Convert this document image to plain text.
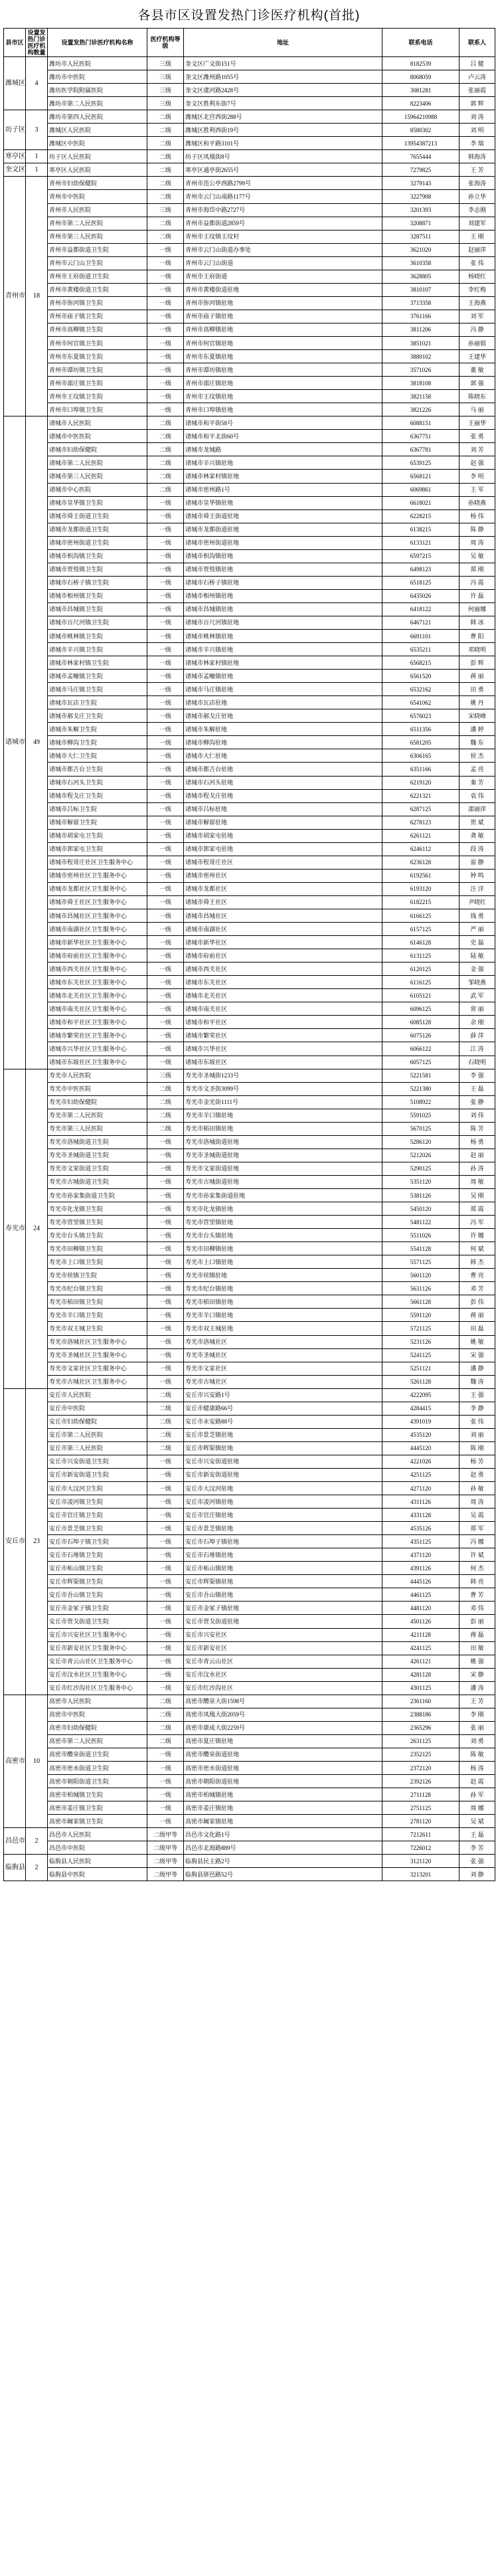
各县市区设置发热门诊医疗机构(首批)
县市区	设置发热门诊医疗机构数量	设置发热门诊医疗机构名称	医疗机构等级	地址	联系电话	联系人
潍城区	4	潍坊市人民医院	三级	奎文区广文街151号	8182539	吕 健
		潍坊市中医院	三级	奎文区潍州路1055号	8068059	卢云涛
		潍坊医学院附属医院	三级	奎文区虞河路2428号	3081281	张丽霞
		潍坊市第二人民医院	三级	奎文区胜利东街7号	8223406	郭 辉
坊子区	3	潍坊市第四人民医院	二级	潍城区北宫西街288号	15964210988	刘 涛
		潍城区人民医院	二级	潍城区胜利西街19号	8580302	刘 明
		潍城区中医院	二级	潍城区和平路3101号	13954387213	李 瑞
寒亭区	1	坊子区人民医院	二级	坊子区凤凰街8号	7655444	韩海涛
奎文区	1	寒亭区人民医院	二级	寒亭区通亭街2655号	7279825	王 芳
青州市	18	青州市妇幼保健院	二级	青州市范公亭西路2799号	3279143	张海涛
		青州市中医院	二级	青州市云门山南路1177号	3227908	孙立华
		青州市人民医院	三级	青州市海岱中路2727号	3201393	李志刚
		青州市第二人民医院	二级	青州市益都街道2859号	3208871	刘建军
		青州市第三人民医院	二级	青州市王坟镇王坟村	3287511	王 刚
		青州市益都街道卫生院	一级	青州市云门山街道办事处	3621020	赵丽萍
		青州市云门山卫生院	一级	青州市云门山街道	3610358	张 伟
		青州市王府街道卫生院	一级	青州市王府街道	3628805	杨晓红
		青州市黄楼街道卫生院	一级	青州市黄楼街道驻地	3810107	李红梅
		青州市弥河镇卫生院	一级	青州市弥河镇驻地	3713358	王海燕
		青州市庙子镇卫生院	一级	青州市庙子镇驻地	3761166	刘 军
		青州市高柳镇卫生院	一级	青州市高柳镇驻地	3811206	冯 静
		青州市何官镇卫生院	一级	青州市何官镇驻地	3851021	孙丽娟
		青州市东夏镇卫生院	一级	青州市东夏镇驻地	3880102	王建华
		青州市谭坊镇卫生院	一级	青州市谭坊镇驻地	3571026	董 敏
		青州市邵庄镇卫生院	一级	青州市邵庄镇驻地	3818108	郭 强
		青州市王坟镇卫生院	一级	青州市王坟镇驻地	3821158	陈晓东
		青州市口埠镇卫生院	一级	青州市口埠镇驻地	3821226	马 丽
诸城市	49	诸城市人民医院	二级	诸城市和平街58号	6088151	王丽华
		诸城市中医医院	二级	诸城市和平北街60号	6367751	张 勇
		诸城市妇幼保健院	二级	诸城市龙城路	6367781	刘 芳
		诸城市第二人民医院	二级	诸城市辛兴镇驻地	6539125	赵 强
		诸城市第三人民医院	二级	诸城市林家村镇驻地	6568121	李 明
		诸城市中心医院	二级	诸城市密州路1号	6069861	王 军
		诸城市皇华镇卫生院	一级	诸城市皇华镇驻地	6618021	孙晓燕
		诸城市舜王街道卫生院	一级	诸城市舜王街道驻地	6228215	杨 伟
		诸城市龙都街道卫生院	一级	诸城市龙都街道驻地	6138215	陈 静
		诸城市密州街道卫生院	一级	诸城市密州街道驻地	6133121	周 涛
		诸城市枳沟镇卫生院	一级	诸城市枳沟镇驻地	6597215	吴 敏
		诸城市贾悦镇卫生院	一级	诸城市贾悦镇驻地	6498123	郑 刚
		诸城市石桥子镇卫生院	一级	诸城市石桥子镇驻地	6518125	冯 霞
		诸城市相州镇卫生院	一级	诸城市相州镇驻地	6435026	许 磊
		诸城市昌城镇卫生院	一级	诸城市昌城镇驻地	6418122	何丽娜
		诸城市百尺河镇卫生院	一级	诸城市百尺河镇驻地	6467121	韩 冰
		诸城市桃林镇卫生院	一级	诸城市桃林镇驻地	6691101	曹 阳
		诸城市辛兴镇卫生院	一级	诸城市辛兴镇驻地	6535211	邓晓明
		诸城市林家村镇卫生院	一级	诸城市林家村镇驻地	6568215	彭 辉
		诸城市孟疃镇卫生院	一级	诸城市孟疃镇驻地	6561520	蒋 丽
		诸城市马庄镇卫生院	一级	诸城市马庄镇驻地	6532162	田 勇
		诸城市瓦店卫生院	一级	诸城市瓦店驻地	6541062	姚 丹
		诸城市郝戈庄卫生院	一级	诸城市郝戈庄驻地	6576023	宋晓峰
		诸城市朱解卫生院	一级	诸城市朱解驻地	6511356	潘 婷
		诸城市柳沟卫生院	一级	诸城市柳沟驻地	6581205	魏 东
		诸城市大仁卫生院	一级	诸城市大仁驻地	6306165	侯 杰
		诸城市都吉台卫生院	一级	诸城市都吉台驻地	6351166	孟 亮
		诸城市石河头卫生院	一级	诸城市石河头驻地	6219120	秦 芳
		诸城市程戈庄卫生院	一级	诸城市程戈庄驻地	6221321	袁 伟
		诸城市吕标卫生院	一级	诸城市吕标驻地	6287125	邵丽萍
		诸城市解留卫生院	一级	诸城市解留驻地	6278123	贺 斌
		诸城市胡家屯卫生院	一级	诸城市胡家屯驻地	6261121	龚 敏
		诸城市郭家屯卫生院	一级	诸城市郭家屯驻地	6246112	段 涛
		诸城市程哥庄社区卫生服务中心	一级	诸城市程哥庄社区	6236128	雷 静
		诸城市密州社区卫生服务中心	一级	诸城市密州社区	6192561	钟 鸣
		诸城市龙都社区卫生服务中心	一级	诸城市龙都社区	6193120	汪 洋
		诸城市舜王社区卫生服务中心	一级	诸城市舜王社区	6182215	尹晓红
		诸城市昌城社区卫生服务中心	一级	诸城市昌城社区	6166125	钱 勇
		诸城市南湖社区卫生服务中心	一级	诸城市南湖社区	6157125	严 丽
		诸城市新华社区卫生服务中心	一级	诸城市新华社区	6146128	史 磊
		诸城市府前社区卫生服务中心	一级	诸城市府前社区	6131125	陆 敏
		诸城市西关社区卫生服务中心	一级	诸城市西关社区	6120125	金 强
		诸城市东关社区卫生服务中心	一级	诸城市东关社区	6116125	邹晓燕
		诸城市北关社区卫生服务中心	一级	诸城市北关社区	6105121	武 军
		诸城市南关社区卫生服务中心	一级	诸城市南关社区	6096125	常 丽
		诸城市和平社区卫生服务中心	一级	诸城市和平社区	6085128	余 刚
		诸城市繁荣社区卫生服务中心	一级	诸城市繁荣社区	6075126	薛 萍
		诸城市兴华社区卫生服务中心	一级	诸城市兴华社区	6066122	江 涛
		诸城市东坡社区卫生服务中心	一级	诸城市东坡社区	6057125	石晓明
寿光市	24	寿光市人民医院	三级	寿光市圣城街1233号	5221581	李 强
		寿光市中医医院	二级	寿光市文圣街3099号	5221380	王 磊
		寿光市妇幼保健院	二级	寿光市金光街1111号	5108922	张 静
		寿光市第二人民医院	二级	寿光市羊口镇驻地	5591025	刘 伟
		寿光市第三人民医院	二级	寿光市稻田镇驻地	5670125	陈 芳
		寿光市洛城街道卫生院	一级	寿光市洛城街道驻地	5286120	杨 勇
		寿光市圣城街道卫生院	一级	寿光市圣城街道驻地	5212026	赵 丽
		寿光市文家街道卫生院	一级	寿光市文家街道驻地	5290125	孙 涛
		寿光市古城街道卫生院	一级	寿光市古城街道驻地	5351120	周 敏
		寿光市孙家集街道卫生院	一级	寿光市孙家集街道驻地	5381126	吴 刚
		寿光市化龙镇卫生院	一级	寿光市化龙镇驻地	5450120	郑 霞
		寿光市营里镇卫生院	一级	寿光市营里镇驻地	5481122	冯 军
		寿光市台头镇卫生院	一级	寿光市台头镇驻地	5511026	许 娜
		寿光市田柳镇卫生院	一级	寿光市田柳镇驻地	5541128	何 斌
		寿光市上口镇卫生院	一级	寿光市上口镇驻地	5571125	韩 杰
		寿光市侯镇卫生院	一级	寿光市侯镇驻地	5601120	曹 亮
		寿光市纪台镇卫生院	一级	寿光市纪台镇驻地	5631126	邓 芳
		寿光市稻田镇卫生院	一级	寿光市稻田镇驻地	5661128	彭 伟
		寿光市羊口镇卫生院	一级	寿光市羊口镇驻地	5591120	蒋 丽
		寿光市双王城卫生院	一级	寿光市双王城驻地	5721125	田 磊
		寿光市洛城社区卫生服务中心	一级	寿光市洛城社区	5231126	姚 敏
		寿光市圣城社区卫生服务中心	一级	寿光市圣城社区	5241125	宋 强
		寿光市文家社区卫生服务中心	一级	寿光市文家社区	5251121	潘 静
		寿光市古城社区卫生服务中心	一级	寿光市古城社区	5261128	魏 涛
安丘市	23	安丘市人民医院	二级	安丘市兴安路1号	4222095	王 强
		安丘市中医院	二级	安丘市健康路66号	4284415	李 静
		安丘市妇幼保健院	二级	安丘市永安路88号	4391019	张 伟
		安丘市第二人民医院	二级	安丘市景芝镇驻地	4535120	刘 丽
		安丘市第三人民医院	二级	安丘市辉渠镇驻地	4445120	陈 刚
		安丘市兴安街道卫生院	一级	安丘市兴安街道驻地	4221026	杨 芳
		安丘市新安街道卫生院	一级	安丘市新安街道驻地	4251125	赵 勇
		安丘市大汶河卫生院	一级	安丘市大汶河驻地	4271120	孙 敏
		安丘市凌河镇卫生院	一级	安丘市凌河镇驻地	4311126	周 涛
		安丘市官庄镇卫生院	一级	安丘市官庄镇驻地	4331128	吴 霞
		安丘市景芝镇卫生院	一级	安丘市景芝镇驻地	4535126	郑 军
		安丘市石埠子镇卫生院	一级	安丘市石埠子镇驻地	4351125	冯 娜
		安丘市石堆镇卫生院	一级	安丘市石堆镇驻地	4371120	许 斌
		安丘市柘山镇卫生院	一级	安丘市柘山镇驻地	4391126	何 杰
		安丘市辉渠镇卫生院	一级	安丘市辉渠镇驻地	4445126	韩 亮
		安丘市吾山镇卫生院	一级	安丘市吾山镇驻地	4461125	曹 芳
		安丘市金冢子镇卫生院	一级	安丘市金冢子镇驻地	4481120	邓 伟
		安丘市贾戈街道卫生院	一级	安丘市贾戈街道驻地	4501126	彭 丽
		安丘市兴安社区卫生服务中心	一级	安丘市兴安社区	4211128	蒋 磊
		安丘市新安社区卫生服务中心	一级	安丘市新安社区	4241125	田 敏
		安丘市青云山社区卫生服务中心	一级	安丘市青云山社区	4261121	姚 强
		安丘市汶水社区卫生服务中心	一级	安丘市汶水社区	4281128	宋 静
		安丘市红沙沟社区卫生服务中心	一级	安丘市红沙沟社区	4301125	潘 涛
高密市	10	高密市人民医院	二级	高密市醴泉大街1598号	2361160	王 芳
		高密市中医院	二级	高密市凤凰大街2059号	2388186	李 刚
		高密市妇幼保健院	二级	高密市康成大街2259号	2365296	张 丽
		高密市第二人民医院	二级	高密市夏庄镇驻地	2631125	刘 勇
		高密市醴泉街道卫生院	一级	高密市醴泉街道驻地	2352125	陈 敏
		高密市密水街道卫生院	一级	高密市密水街道驻地	2372120	杨 涛
		高密市朝阳街道卫生院	一级	高密市朝阳街道驻地	2392126	赵 霞
		高密市柏城镇卫生院	一级	高密市柏城镇驻地	2711128	孙 军
		高密市姜庄镇卫生院	一级	高密市姜庄镇驻地	2751125	周 娜
		高密市阚家镇卫生院	一级	高密市阚家镇驻地	2781120	吴 斌
昌邑市	2	昌邑市人民医院	二级甲等	昌邑市文化路1号	7212611	王 磊
		昌邑市中医院	二级甲等	昌邑市北海路889号	7226012	李 芳
临朐县	2	临朐县人民医院	二级甲等	临朐县民主路2号	3121120	张 强
		临朐县中医院	二级甲等	临朐县骈邑路52号	3213201	刘 静
